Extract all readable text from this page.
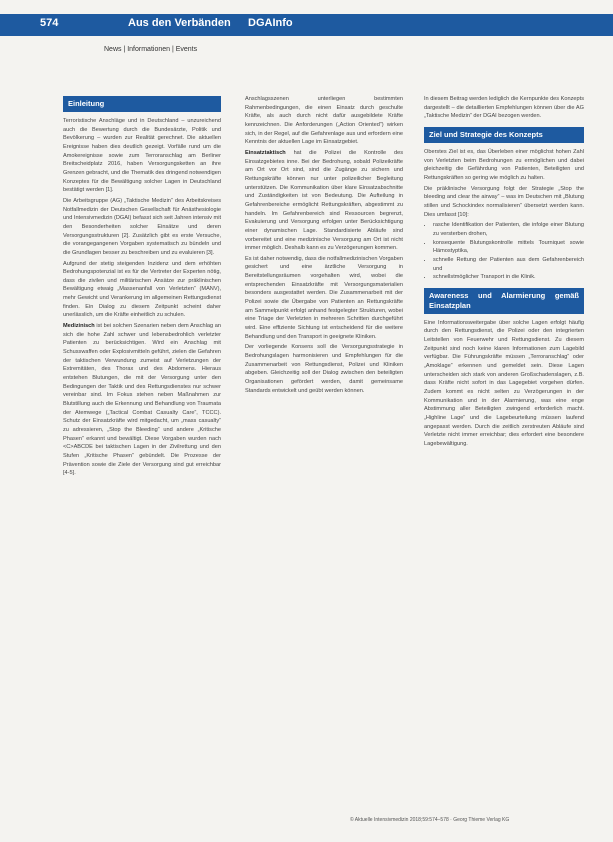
574	Aus den Verbänden DGAInfo
News | Informationen | Events
Einleitung

Terroristische Anschläge und in Deutschland – unzureichend auch die Bewertung durch die Bundesärzte, Politik und Bevölkerung – wurden zur Realität gerechnet. Die aktuellen Ereignisse haben dies deutlich gezeigt. Vorfälle rund um die Amokereignisse sowie zum Terroranschlag am Berliner Breitscheidplatz 2016, haben Versorgungsketten an ihre Grenzen gebracht, und die Thematik des dringend notwendigen Konzeptes für die Bewältigung solcher Lagen in Deutschland bestätigt werden [1].

Die Arbeitsgruppe (AG) „Taktische Medizin“ des Arbeitskreises Notfallmedizin der Deutschen Gesellschaft für Anästhesiologie und Intensivmedizin (DGAI) befasst sich seit Jahren intensiv mit den Besonderheiten solcher Einsätze und deren Versorgungsstrukturen [2]. Zusätzlich gibt es erste Versuche, die vorangegangenen Vorgaben systematisch zu bündeln und die Grundlagen besser zu beschreiben und zu evaluieren [3].

Aufgrund der stetig steigenden Inzidenz und dem erhöhten Bedrohungspotenzial ist es für die Vertreter der Experten nötig, dass die zivilen und militärischen Ansätze zur präklinischen Bewältigung etwaig „Massenanfall von Verletzten“ (MANV), mehr Gewicht und Verankerung im allgemeinen Rettungsdienst finden. Ein Dialog zu diesem Zeitpunkt scheint daher unerlässlich, um die Kräfte einheitlich zu schulen.

Medizinisch ist bei solchen Szenarien neben dem Anschlag an sich die hohe Zahl schwer und lebensbedrohlich verletzter Patienten zu berücksichtigen. Wird ein Anschlag mit Schusswaffen oder Explosivmitteln geführt, zielen die Gefahren der taktischen Verwundung zumeist auf Verletzungen der Extremitäten, des Thorax und des Abdomens. Hieraus entstehen Blutungen, die mit der Versorgung unter den Bedingungen der Taktik und des Rettungsdienstes nur schwer vereinbar sind. Im Fokus stehen neben Maßnahmen zur Blutstillung auch die Erkennung und Behandlung von Traumata der Atemwege („Tactical Combat Casualty Care“, TCCC). Schutz der Einsatzkräfte wird mitgedacht, um „mass casualty“ zu adressieren, „Stop the Bleeding“ und andere „Kritische Phasen“ erkannt und bewältigt. Diese Vorgaben wurden nach <C>ABCDE bei taktischen Lagen in der Zivilrettung und den Stufen „Kritische Phasen“ gebündelt. Die Prozesse der Prävention sowie die Ziele der Versorgung sind gut erreichbar [4-5].

Anschlagsszenen unterliegen bestimmten Rahmenbedingungen, die einen Einsatz durch geschulte Kräfte, als auch durch nicht dafür ausgebildete Kräfte kennzeichnen. Die Anforderungen („Action Oriented“) wirken sich, in der Regel, auf die Gefahrenlage aus und erfordern eine Kenntnis der aktuellen Lage im Einsatzgebiet.

Einsatztaktisch hat die Polizei die Kontrolle des Einsatzgebietes inne. Bei der Bedrohung, sobald Polizeikräfte am Ort vor Ort sind, sind die Zugänge zu sichern und Rettungskräfte können nur unter polizeilicher Begleitung unterstützen. Die Kommunikation über klare Einsatzabschnitte und Zuständigkeiten ist von Bedeutung. Die Aufteilung in Gefahrenbereiche ermöglicht Rettungskräften, abgestimmt zu handeln. Im Gefahrenbereich sind Ressourcen begrenzt, Evakuierung und Versorgung erfolgen unter Berücksichtigung einer dynamischen Lage. Standardisierte Abläufe sind vorbereitet und eine medizinische Versorgung am Ort ist nicht immer möglich. Deshalb kann es zu Verzögerungen kommen.

Es ist daher notwendig, dass die notfallmedizinischen Vorgaben gesichert und eine ärztliche Versorgung in Bereitstellungsräumen vorgehalten wird, wobei die entsprechenden Einsatzkräfte mit Versorgungsmaterialien besonders ausgestattet werden. Die Zusammenarbeit mit der Polizei sowie die Übergabe von Patienten an Rettungskräfte am Sammelpunkt erfolgt anhand festgelegter Strukturen, wobei eine Triage der Verletzten in mehreren Schritten durchgeführt wird. Eine effiziente Sichtung ist entscheidend für die weitere Behandlung und den Transport in geeignete Kliniken.

Der vorliegende Konsens soll die Versorgungsstrategie in Bedrohungslagen harmonisieren und Empfehlungen für die Zusammenarbeit von Rettungsdienst, Polizei und Kliniken abgeben. Gleichzeitig soll der Dialog zwischen den beteiligten Organisationen gefördert werden, damit gemeinsame Standards entwickelt und geübt werden können.

In diesem Beitrag werden lediglich die Kernpunkte des Konzepts dargestellt – die detaillierten Empfehlungen können über die AG „Taktische Medizin“ der DGAI bezogen werden.

Ziel und Strategie des Konzepts

Oberstes Ziel ist es, das Überleben einer möglichst hohen Zahl von Verletzten beim Bedrohungen zu ermöglichen und dabei gleichzeitig die Gefährdung von Patienten, Beteiligten und Rettungskräften so gering wie möglich zu halten.

Die präklinische Versorgung folgt der Strategie „Stop the bleeding and clear the airway“ – was im Deutschen mit „Blutung stillen und Schockindex normalisieren“ übersetzt werden kann. Dies umfasst [10]:

• rasche Identifikation der Patienten, die infolge einer Blutung zu versterben drohen,
• konsequente Blutungskontrolle mittels Tourniquet sowie Hämostyptika,
• schnelle Rettung der Patienten aus dem Gefahrenbereich und
• schnellstmöglicher Transport in die Klinik.
Awareness und Alarmierung gemäß Einsatzplan

Eine Informationsweitergabe über solche Lagen erfolgt häufig durch den Rettungsdienst, die Polizei oder den integrierten Leitstellen von Feuerwehr und Rettungsdienst. Zu diesem Zeitpunkt sind noch keine klaren Informationen zum Lagebild verfügbar. Die Führungskräfte müssen „Terroranschlag“ oder „Amoklage“ erkennen und gemeldet sein. Diese Lagen unterscheiden sich stark von anderen Großschadenslagen, z.B. dass Kräfte nicht sofort in das Lagegebiet vorgehen dürfen. Zudem kommt es nicht selten zu Verzögerungen in der Kommunikation und in der Alarmierung, was eine enge Abstimmung aller Beteiligten zwingend erforderlich macht. „Highline Lage“ und die Lagebeurteilung müssen laufend angepasst werden. Durch die zeitlich zerstreuten Abläufe sind Verletzte nicht immer erreichbar; dies erfordert eine besondere Lagebewältigung.

© Aktuelle Intensivmedizin 2018;59:574–578 · Georg Thieme Verlag KG
